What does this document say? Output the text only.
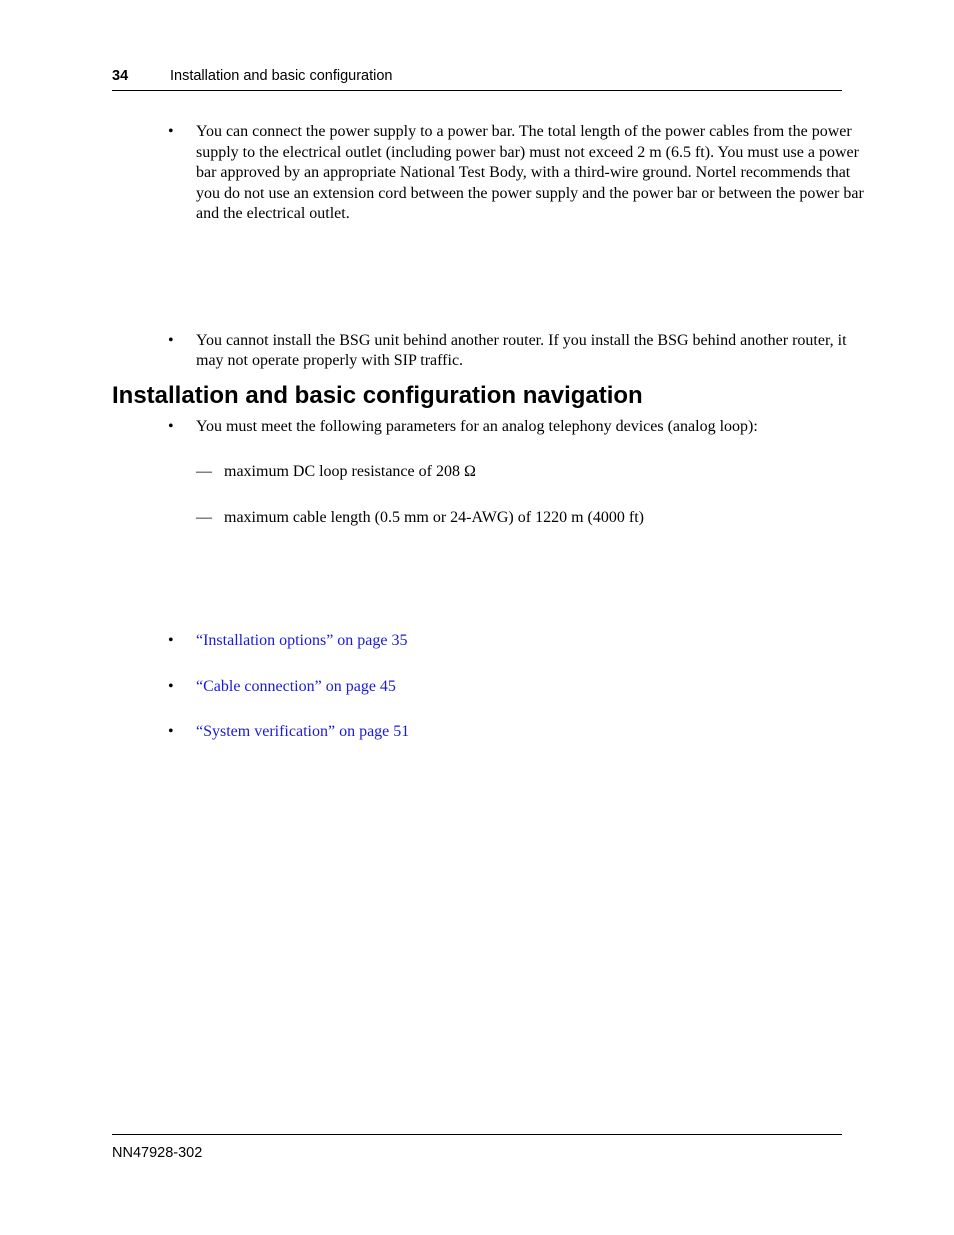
34	Installation and basic configuration
•	You can connect the power supply to a power bar. The total length of the power cables from the power supply to the electrical outlet (including power bar) must not exceed 2 m (6.5 ft). You must use a power bar approved by an appropriate National Test Body, with a third-wire ground. Nortel recommends that you do not use an extension cord between the power supply and the power bar or between the power bar and the electrical outlet.
•	You cannot install the BSG unit behind another router. If you install the BSG behind another router, it may not operate properly with SIP traffic.
•	You must meet the following parameters for an analog telephony devices (analog loop):
— maximum DC loop resistance of 208 Ω
— maximum cable length (0.5 mm or 24-AWG) of 1220 m (4000 ft)
Installation and basic configuration navigation
•	“Installation options” on page 35
•	“Cable connection” on page 45
•	“System verification” on page 51
NN47928-302
